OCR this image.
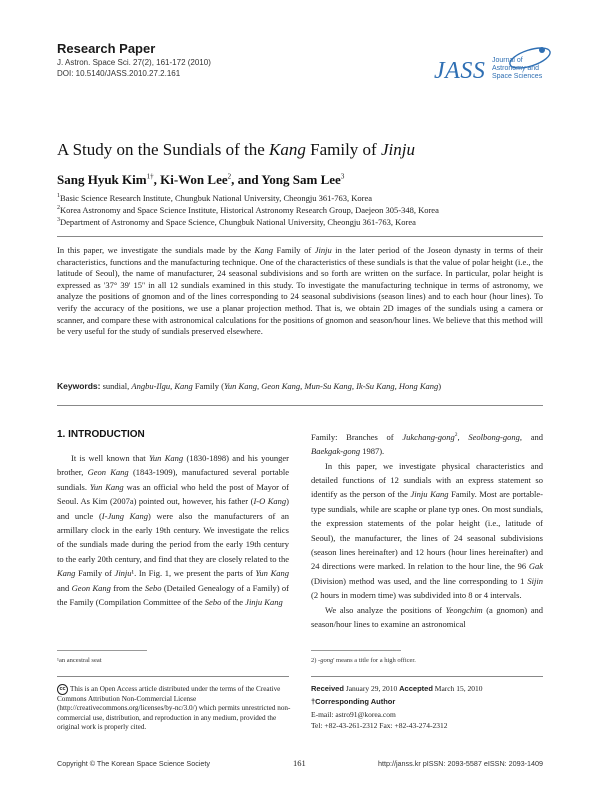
Research Paper
J. Astron. Space Sci. 27(2), 161-172 (2010)
DOI: 10.5140/JASS.2010.27.2.161	JASS Journal of
Astronomy and
Space Sciences
A Study on the Sundials of the Kang Family of Jinju
Sang Hyuk Kim$^{1\dagger}$, Ki-Won Lee$^2$, and Yong Sam Lee$^3$
$^1$Basic Science Research Institute, Chungbuk National University, Cheongju 361-763, Korea
$^2$Korea Astronomy and Space Science Institute, Historical Astronomy Research Group, Daejeon 305-348, Korea
$^3$Department of Astronomy and Space Science, Chungbuk National University, Cheongju 361-763, Korea
In this paper, we investigate the sundials made by the Kang Family of Jinju in the later period of the Joseon dynasty in terms of their characteristics, functions and the manufacturing technique. One of the characteristics of these sundials is that the value of polar height (i.e., the latitude of Seoul), the name of manufacturer, 24 seasonal subdivisions and so forth are written on the surface. In particular, polar height is expressed as '37° 39' 15'' in all 12 sundials examined in this study. To investigate the manufacturing technique in terms of astronomy, we analyze the positions of gnomon and of the lines corresponding to 24 seasonal subdivisions (season lines) and to each hour (hour lines). To verify the accuracy of the positions, we use a planar projection method. That is, we obtain 2D images of the sundials using a camera or scanner, and compare these with astronomical calculations for the positions of gnomon and season/hour lines. We believe that this method will be very useful for the study of sundials preserved elsewhere.
Keywords: sundial, Angbu-Ilgu, Kang Family (Yun Kang, Geon Kang, Mun-Su Kang, Ik-Su Kang, Hong Kang)
1. INTRODUCTION

It is well known that Yun Kang (1830-1898) and his younger brother, Geon Kang (1843-1909), manufactured several portable sundials. Yun Kang was an official who held the post of Mayor of Seoul. As Kim (2007a) pointed out, however, his father (I-O Kang) and uncle (I-Jung Kang) were also the manufacturers of an armillary clock in the early 19th century. We investigate the relics of the sundials made during the period from the early 19th century to the early 20th century, and find that they are closely related to the Kang Family of Jinju¹. In Fig. 1, we present the parts of Yun Kang and Geon Kang from the Sebo (Detailed Genealogy of a Family) of the Family (Compilation Committee of the Sebo of the Jinju Kang

Family: Branches of Jukchang-gong$^2$, Seolbong-gong, and Baekgak-gong 1987).

In this paper, we investigate physical characteristics and detailed functions of 12 sundials with an express statement so identify as the person of the Jinju Kang Family. Most are portable-type sundials, while are scaphe or plane typ ones. On most sundials, the expression statements of the polar height (i.e., latitude of Seoul), the manufacturer, the lines of 24 seasonal subdivisions (season lines hereinafter) and 12 hours (hour lines hereinafter) and 24 directions were marked. In relation to the hour line, the 96 Gak (Division) method was used, and the line corresponding to 1 Sijin (2 hours in modern time) was subdivided into 8 or 4 intervals.

We also analyze the positions of Yeongchim (a gnomon) and season/hour lines to examine an astronomical

¹an ancestral seat	2) -gong' means a title for a high officer.
cc This is an Open Access article distributed under the terms of the Creative Commons Attribution Non-Commercial License (http://creativecommons.org/licenses/by-nc/3.0/) which permits unrestricted non-commercial use, distribution, and reproduction in any medium, provided the original work is properly cited.
Received January 29, 2010 Accepted March 15, 2010
†Corresponding Author
E-mail: astro91@korea.com
Tel: +82-43-261-2312 Fax: +82-43-274-2312
Copyright © The Korean Space Science Society	161	http://janss.kr pISSN: 2093-5587 eISSN: 2093-1409
